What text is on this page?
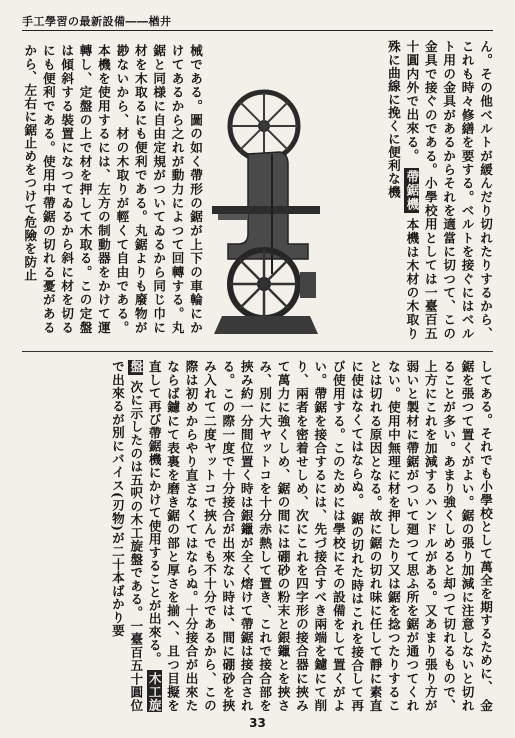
手工學習の最新設備――楢井
ん。その他ベルトが緩んだり切れたりするから、これも時々修繕を要する。ベルトを接ぐにはベルト用の金具があるからそれを適當に切つて、この金具で接ぐのである。小學校用としては一臺百五十圓内外で出來る。 帶鋸機 本機は木材の木取り殊に曲線に挽くに便利な機
械である。圖の如く帶形の鋸が上下の車輪にかけてあるから之れが動力によつて回轉する。丸鋸と同様に自由定規がついてゐるから同じ巾に材を木取るにも便利である。丸鋸よりも廢物が尠ないから、材の木取りが輕くて自由である。本機を使用するには、左方の制動器をかけて運轉し、定盤の上で材を押して木取る。この定盤は傾斜する裝置になつてゐるから斜に材を切るにも便利である。使用中帶鋸の切れる憂があるから、左右に鋸止めをつけて危險を防止
してある。それでも小學校として萬全を期するために、 金鋸を張つて置くがよい。鋸の張り加減に注意しないと切れることが多い。あまり強くしめると却つて切れるもので、上方にこれを加減するハンドルがある。又あまり張り方が弱いと製材に帶鋸がついて廻つて思ふ所を鋸が通つてくれない。使用中無理に材を押したり又は鋸を捻つたりすることは切れる原因となる。故に鋸の切れ味に任して靜に素直に使はなくてはならぬ。 鋸の切れた時はこれを接合して再び使用する。このためには學校にその設備をして置くがよい。帶鋸を接合するには、先づ接合すべき兩端を鑢にて削り、兩者を密着せしめ、次にこれを四字形の接合器に挾みて萬力に強くしめ、鋸の間には硼砂の粉末と銀鑞とを挾さみ、別に大ヤットコを十分赤熱して置き、これで接合部を挾み約一分間位置く時は銀鑞が全く熔けて帶鋸は接合される。この際一度で十分接合が出來ない時は、間に硼砂を挾み入れて二度ヤットコで挾んでも不十分であるから、この際は初めからやり直さなくてはならぬ。十分接合が出來たならば鑢にて表裏を磨き鋸の部と厚さを揃へ、且つ目擬を直して再び帶鋸機にかけて使用することが出來る。 木工旋盤 次に示したのは五呎の木工旋盤である。一臺百五十圓位で出來るが別にバイス(刃物)が二十本ばかり要
33
